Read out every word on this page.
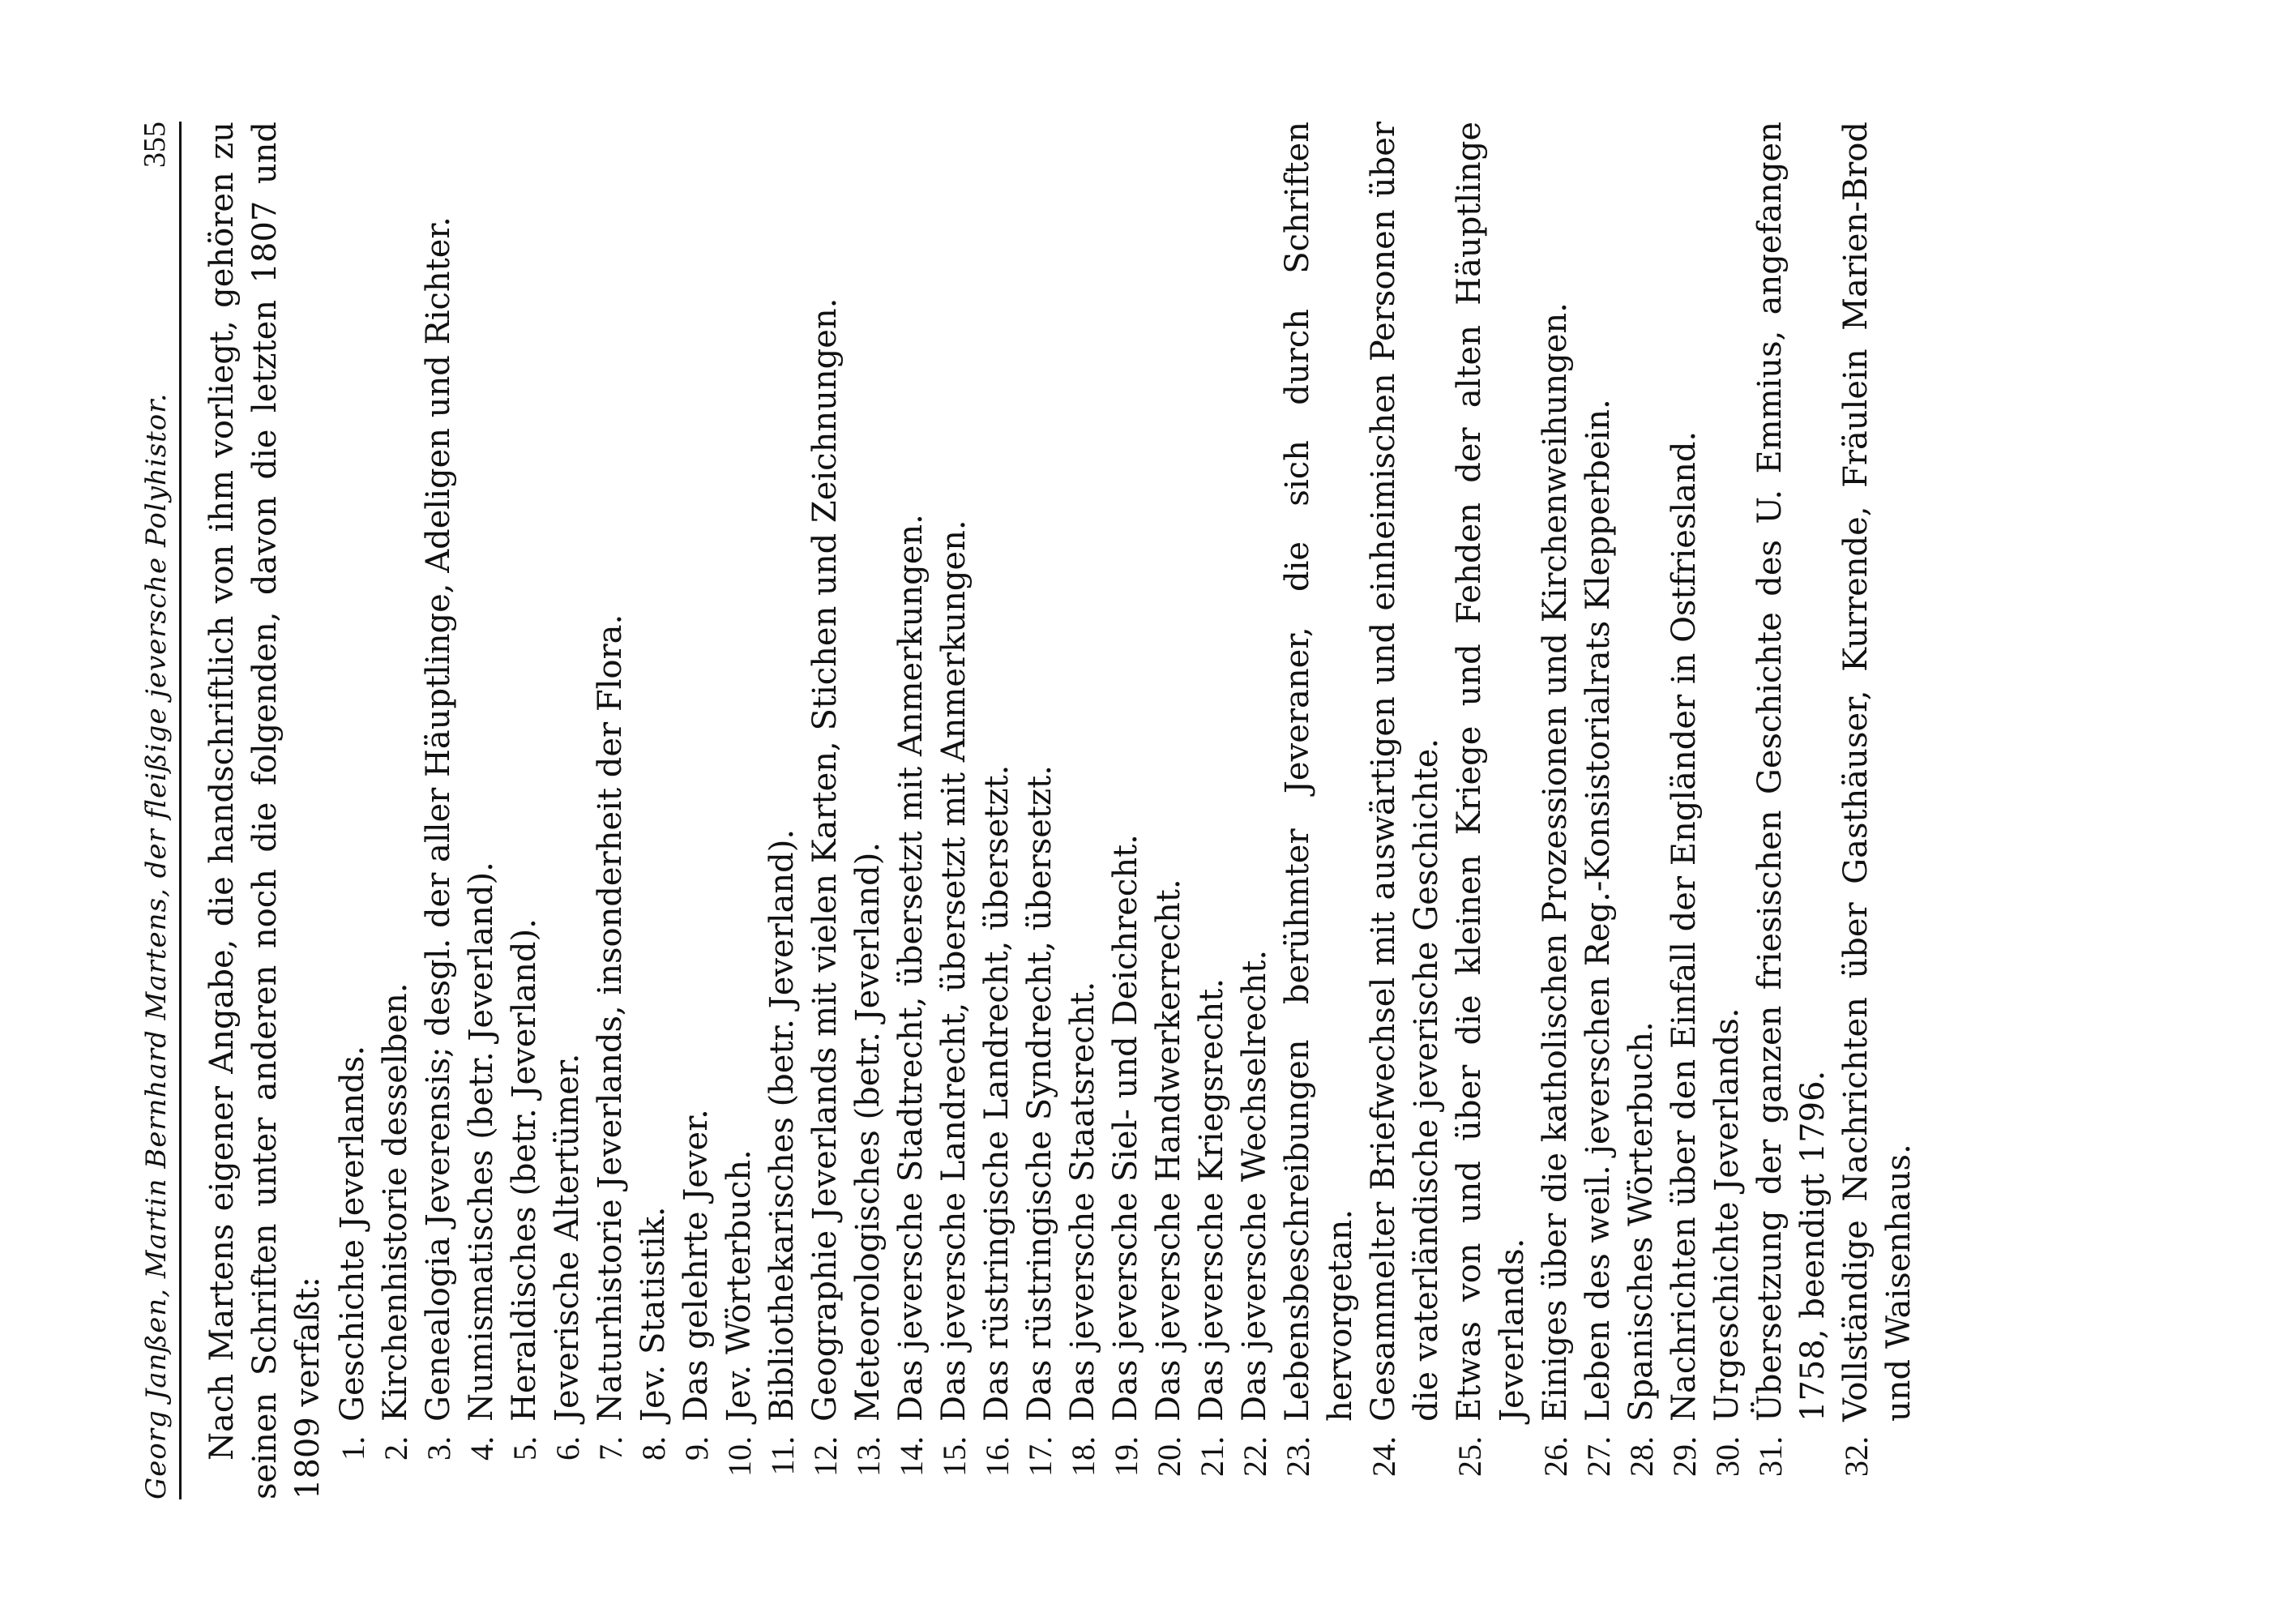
Georg Janßen, Martin Bernhard Martens, der fleißige jeversche Polyhistor.
355 Nach Martens eigener Angabe, die handschriftlich von ihm vorliegt, gehören zu seinen Schriften unter anderen noch die folgenden, davon die letzten 1807 und 1809 verfaßt: 1.
Geschichte Jeverlands.
2.
Kirchenhistorie desselben.
3.
Genealogia Jeverensis; desgl. der aller Häuptlinge, Adeligen und Richter.
4.
Numismatisches (betr. Jeverland).
5.
Heraldisches (betr. Jeverland).
6.
Jeverische Altertümer.
7.
Naturhistorie Jeverlands, insonderheit der Flora.
8.
Jev. Statistik.
9.
Das gelehrte Jever.
10.
Jev. Wörterbuch.
11.
Bibliothekarisches (betr. Jeverland).
12.
Geographie Jeverlands mit vielen Karten, Stichen und Zeichnungen.
13.
Meteorologisches (betr. Jeverland).
14.
Das jeversche Stadtrecht, übersetzt mit Anmerkungen.
15.
Das jeversche Landrecht, übersetzt mit Anmerkungen.
16.
Das rüstringische Landrecht, übersetzt.
17.
Das rüstringische Syndrecht, übersetzt.
18.
Das jeversche Staatsrecht.
19.
Das jeversche Siel- und Deichrecht.
20.
Das jeversche Handwerkerrecht.
21.
Das jeversche Kriegsrecht.
22.
Das jeversche Wechselrecht.
23.
Lebensbeschreibungen berühmter Jeveraner, die sich durch Schriften hervorgetan.
24.
Gesammelter Briefwechsel mit auswärtigen und einheimischen Personen über die vaterländische jeverische Geschichte.
25.
Etwas von und über die kleinen Kriege und Fehden der alten Häuptlinge Jeverlands.
26.
Einiges über die katholischen Prozessionen und Kirchenweihungen.
27.
Leben des weil. jeverschen Reg.-Konsistorialrats Klepperbein.
28.
Spanisches Wörterbuch.
29.
Nachrichten über den Einfall der Engländer in Ostfriesland.
30.
Urgeschichte Jeverlands.
31.
Übersetzung der ganzen friesischen Geschichte des U. Emmius, angefangen 1758, beendigt 1796.
32.
Vollständige Nachrichten über Gasthäuser, Kurrende, Fräulein Marien-Brod und Waisenhaus.
